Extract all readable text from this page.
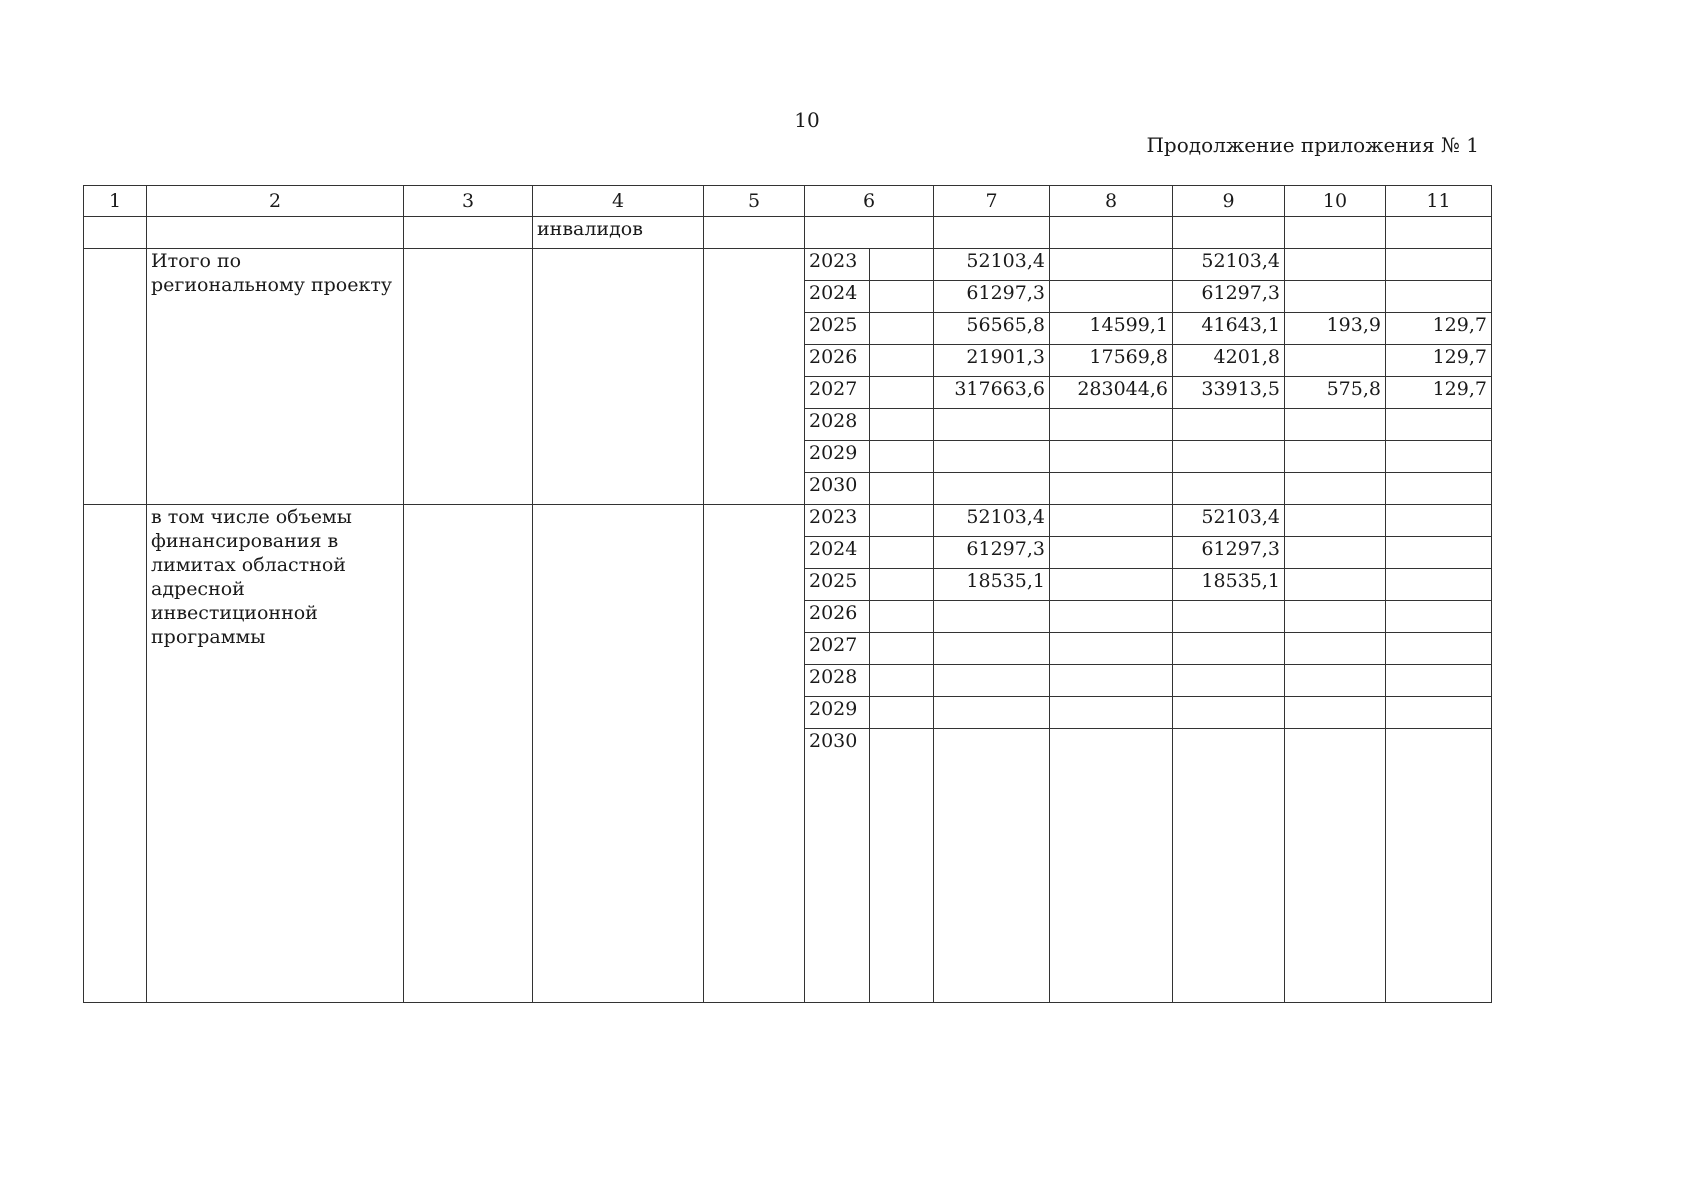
10
Продолжение приложения № 1
1	2	3	4	5	6		7	8	9	10	11
			инвалидов								
	Итого по региональному проекту				2023		52103,4		52103,4		
					2024		61297,3		61297,3		
					2025		56565,8	14599,1	41643,1	193,9	129,7
					2026		21901,3	17569,8	4201,8		129,7
					2027		317663,6	283044,6	33913,5	575,8	129,7
					2028						
					2029						
					2030						
	в том числе объемы финансирования в лимитах областной адресной инвестиционной программы				2023		52103,4		52103,4		
					2024		61297,3		61297,3		
					2025		18535,1		18535,1		
					2026						
					2027						
					2028						
					2029						
					2030						
